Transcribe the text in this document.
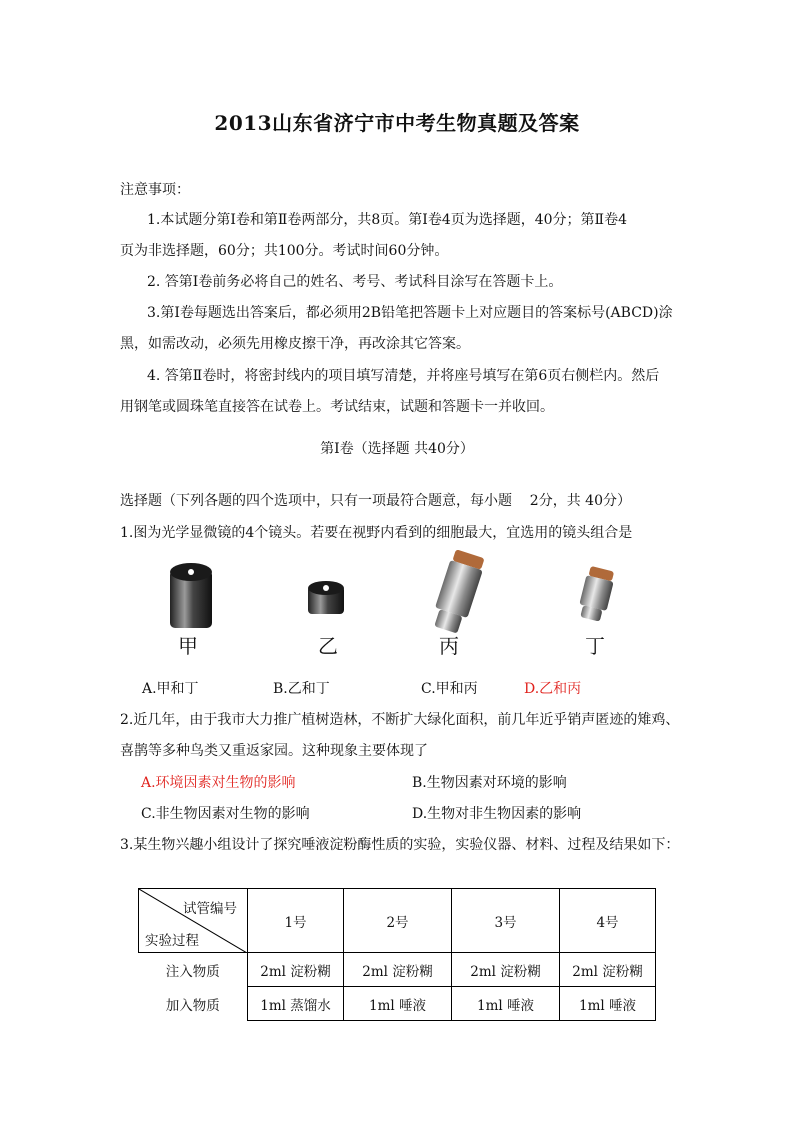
2013山东省济宁市中考生物真题及答案
注意事项：
1.本试题分第Ⅰ卷和第Ⅱ卷两部分，共8页。第Ⅰ卷4页为选择题，40分；第Ⅱ卷4
页为非选择题，60分；共100分。考试时间60分钟。
2. 答第Ⅰ卷前务必将自己的姓名、考号、考试科目涂写在答题卡上。
3.第Ⅰ卷每题选出答案后，都必须用2B铅笔把答题卡上对应题目的答案标号(ABCD)涂
黑，如需改动，必须先用橡皮擦干净，再改涂其它答案。
4. 答第Ⅱ卷时，将密封线内的项目填写清楚，并将座号填写在第6页右侧栏内。然后
用钢笔或圆珠笔直接答在试卷上。考试结束，试题和答题卡一并收回。
第Ⅰ卷（选择题 共40分）
选择题（下列各题的四个选项中，只有一项最符合题意，每小题    2分，共 40分）
1.图为光学显微镜的4个镜头。若要在视野内看到的细胞最大，宜选用的镜头组合是
甲	乙	丙	丁
A.甲和丁	B.乙和丁	C.甲和丙	D.乙和丙
2.近几年，由于我市大力推广植树造林，不断扩大绿化面积，前几年近乎销声匿迹的雉鸡、
喜鹊等多种鸟类又重返家园。这种现象主要体现了
A.环境因素对生物的影响	B.生物因素对环境的影响
C.非生物因素对生物的影响	D.生物对非生物因素的影响
3.某生物兴趣小组设计了探究唾液淀粉酶性质的实验，实验仪器、材料、过程及结果如下：
试管编号
实验过程	1号	2号	3号	4号
注入物质	2ml 淀粉糊	2ml 淀粉糊	2ml 淀粉糊	2ml 淀粉糊
加入物质	1ml 蒸馏水	1ml 唾液	1ml 唾液	1ml 唾液
